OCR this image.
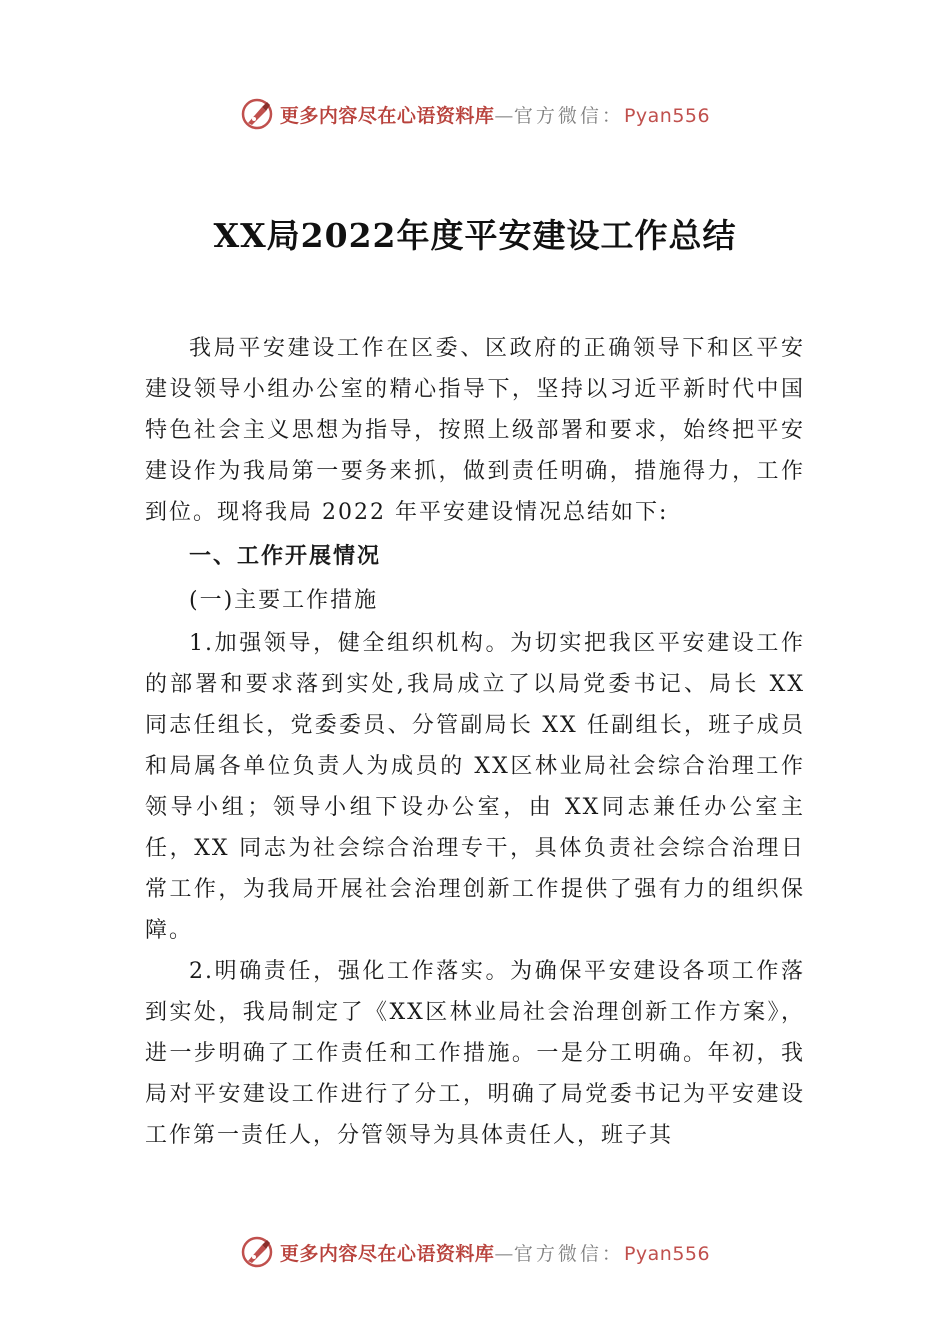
更多内容尽在心语资料库—官方微信：Pyan556
XX局2022年度平安建设工作总结

我局平安建设工作在区委、区政府的正确领导下和区平安建设领导小组办公室的精心指导下，坚持以习近平新时代中国特色社会主义思想为指导，按照上级部署和要求，始终把平安建设作为我局第一要务来抓，做到责任明确，措施得力，工作到位。现将我局 2022 年平安建设情况总结如下:

一、工作开展情况

(一)主要工作措施

1.加强领导，健全组织机构。为切实把我区平安建设工作的部署和要求落到实处,我局成立了以局党委书记、局长 XX 同志任组长，党委委员、分管副局长 XX 任副组长，班子成员和局属各单位负责人为成员的 XX区林业局社会综合治理工作领导小组；领导小组下设办公室，由 XX同志兼任办公室主任，XX 同志为社会综合治理专干，具体负责社会综合治理日常工作，为我局开展社会治理创新工作提供了强有力的组织保障。

2.明确责任，强化工作落实。为确保平安建设各项工作落到实处，我局制定了《XX区林业局社会治理创新工作方案》，进一步明确了工作责任和工作措施。一是分工明确。年初，我局对平安建设工作进行了分工，明确了局党委书记为平安建设工作第一责任人，分管领导为具体责任人，班子其

更多内容尽在心语资料库—官方微信：Pyan556
